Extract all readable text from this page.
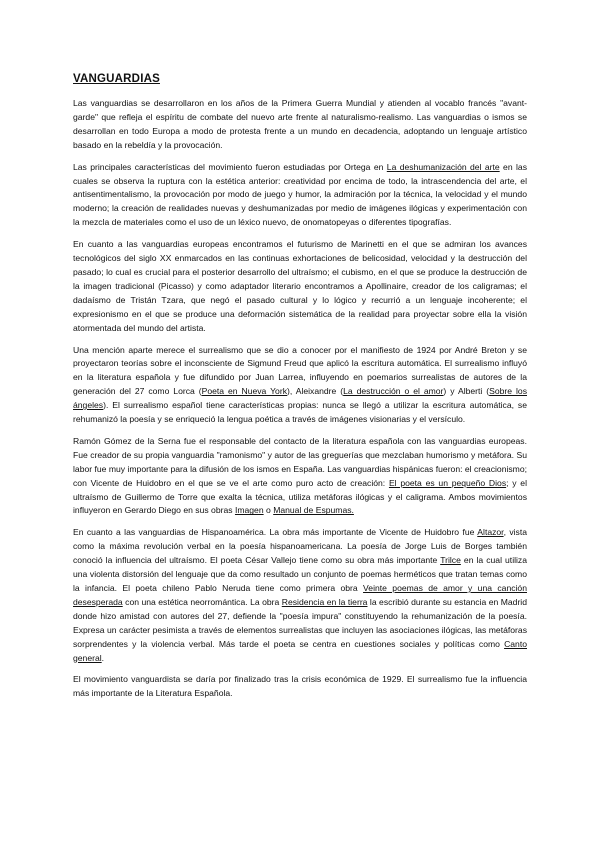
VANGUARDIAS

Las vanguardias se desarrollaron en los años de la Primera Guerra Mundial y atienden al vocablo francés "avant-garde" que refleja el espíritu de combate del nuevo arte frente al naturalismo-realismo. Las vanguardias o ismos se desarrollan en todo Europa a modo de protesta frente a un mundo en decadencia, adoptando un lenguaje artístico basado en la rebeldía y la provocación.

Las principales características del movimiento fueron estudiadas por Ortega en La deshumanización del arte en las cuales se observa la ruptura con la estética anterior: creatividad por encima de todo, la intrascendencia del arte, el antisentimentalismo, la provocación por modo de juego y humor, la admiración por la técnica, la velocidad y el mundo moderno; la creación de realidades nuevas y deshumanizadas por medio de imágenes ilógicas y experimentación con la mezcla de materiales como el uso de un léxico nuevo, de onomatopeyas o diferentes tipografías.

En cuanto a las vanguardias europeas encontramos el futurismo de Marinetti en el que se admiran los avances tecnológicos del siglo XX enmarcados en las continuas exhortaciones de belicosidad, velocidad y la destrucción del pasado; lo cual es crucial para el posterior desarrollo del ultraísmo; el cubismo, en el que se produce la destrucción de la imagen tradicional (Picasso) y como adaptador literario encontramos a Apollinaire, creador de los caligramas; el dadaísmo de Tristán Tzara, que negó el pasado cultural y lo lógico y recurrió a un lenguaje incoherente; el expresionismo en el que se produce una deformación sistemática de la realidad para proyectar sobre ella la visión atormentada del mundo del artista.

Una mención aparte merece el surrealismo que se dio a conocer por el manifiesto de 1924 por André Breton y se proyectaron teorías sobre el inconsciente de Sigmund Freud que aplicó la escritura automática. El surrealismo influyó en la literatura española y fue difundido por Juan Larrea, influyendo en poemarios surrealistas de autores de la generación del 27 como Lorca (Poeta en Nueva York), Aleixandre (La destrucción o el amor) y Alberti (Sobre los ángeles). El surrealismo español tiene características propias: nunca se llegó a utilizar la escritura automática, se rehumanizó la poesía y se enriqueció la lengua poética a través de imágenes visionarias y el versículo.

Ramón Gómez de la Serna fue el responsable del contacto de la literatura española con las vanguardias europeas. Fue creador de su propia vanguardia "ramonismo" y autor de las greguerías que mezclaban humorismo y metáfora. Su labor fue muy importante para la difusión de los ismos en España. Las vanguardias hispánicas fueron: el creacionismo; con Vicente de Huidobro en el que se ve el arte como puro acto de creación: El poeta es un pequeño Dios; y el ultraísmo de Guillermo de Torre que exalta la técnica, utiliza metáforas ilógicas y el caligrama. Ambos movimientos influyeron en Gerardo Diego en sus obras Imagen o Manual de Espumas.

En cuanto a las vanguardias de Hispanoamérica. La obra más importante de Vicente de Huidobro fue Altazor, vista como la máxima revolución verbal en la poesía hispanoamericana. La poesía de Jorge Luis de Borges también conoció la influencia del ultraísmo. El poeta César Vallejo tiene como su obra más importante Trilce en la cual utiliza una violenta distorsión del lenguaje que da como resultado un conjunto de poemas herméticos que tratan temas como la infancia. El poeta chileno Pablo Neruda tiene como primera obra Veinte poemas de amor y una canción desesperada con una estética neorromántica. La obra Residencia en la tierra la escribió durante su estancia en Madrid donde hizo amistad con autores del 27, defiende la "poesía impura" constituyendo la rehumanización de la poesía. Expresa un carácter pesimista a través de elementos surrealistas que incluyen las asociaciones ilógicas, las metáforas sorprendentes y la violencia verbal. Más tarde el poeta se centra en cuestiones sociales y políticas como Canto general.

El movimiento vanguardista se daría por finalizado tras la crisis económica de 1929. El surrealismo fue la influencia más importante de la Literatura Española.
